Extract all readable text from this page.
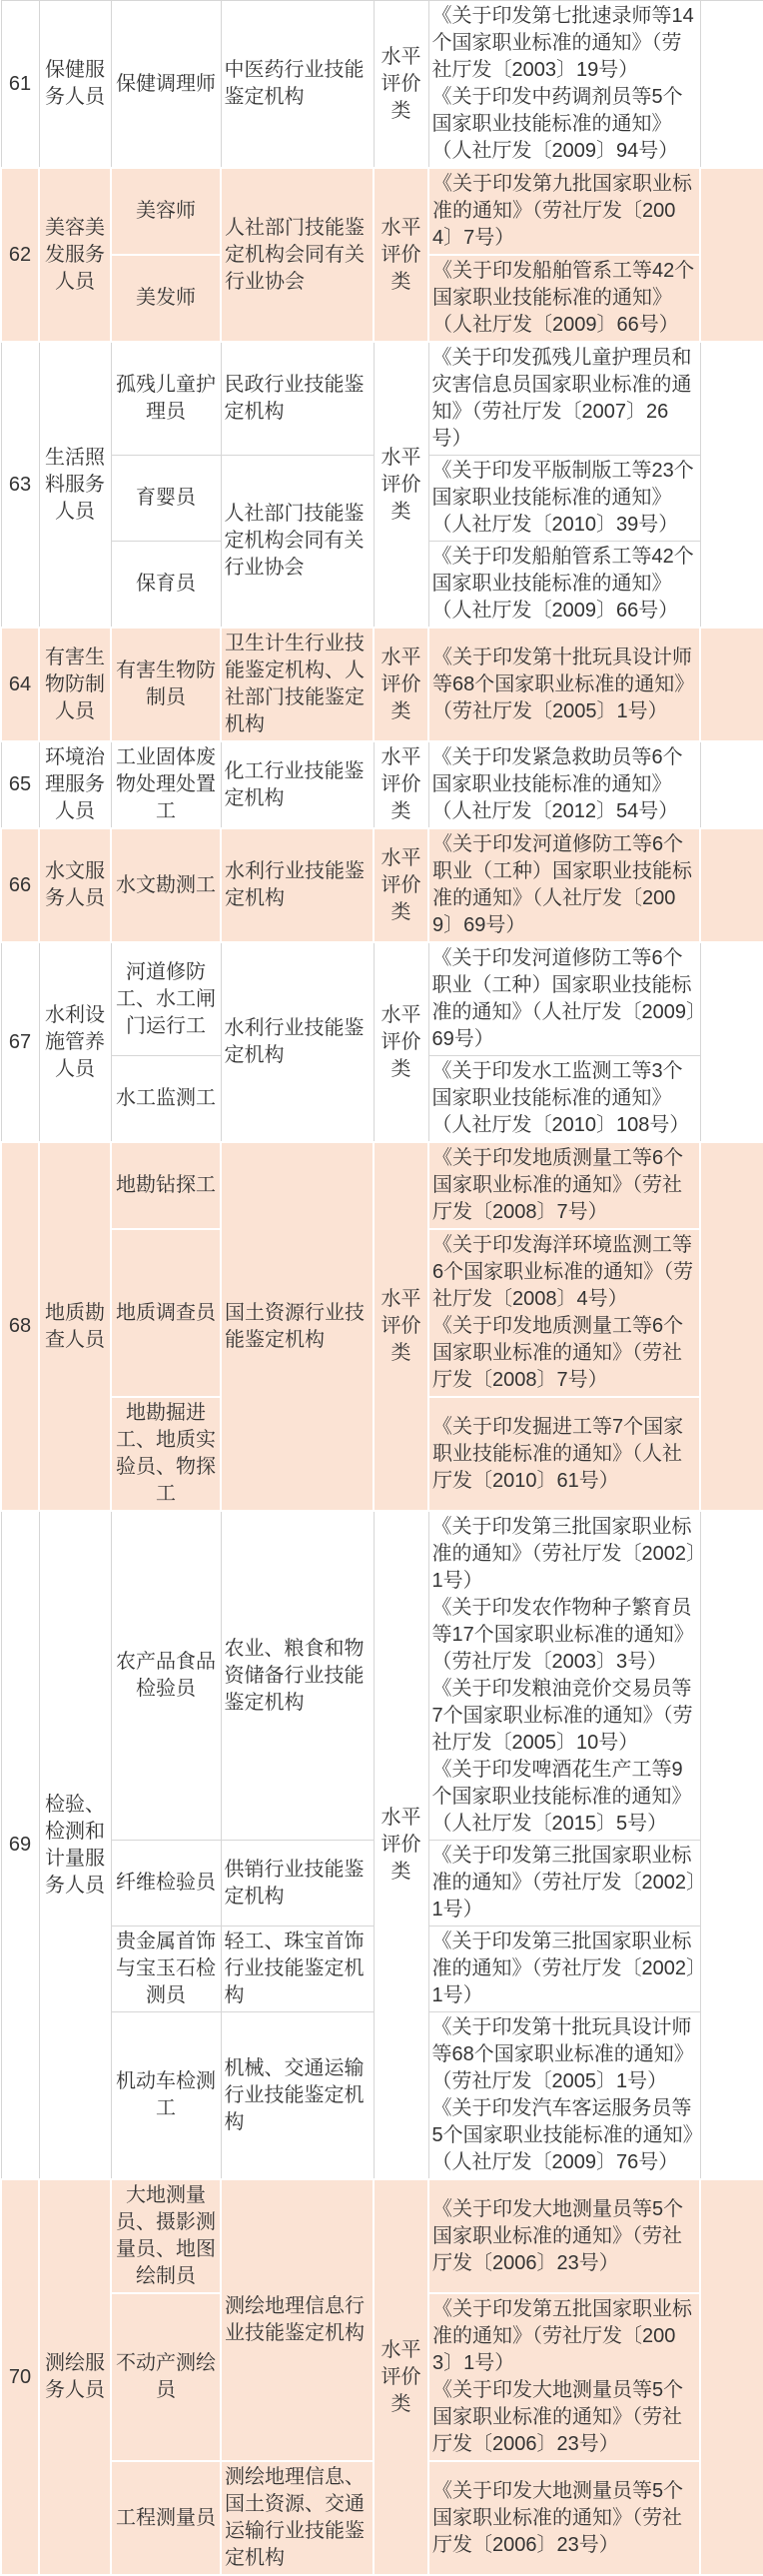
61	保健服务人员	保健调理师	中医药行业技能鉴定机构	水平评价类	《关于印发第七批速录师等14个国家职业标准的通知》（劳社厅发〔2003〕19号）
《关于印发中药调剂员等5个国家职业技能标准的通知》（人社厅发〔2009〕94号）	

62	美容美发服务人员	美容师	人社部门技能鉴定机构会同有关行业协会	水平评价类	《关于印发第九批国家职业标准的通知》（劳社厅发〔2004〕7号）	

		美发师			《关于印发船舶管系工等42个国家职业技能标准的通知》（人社厅发〔2009〕66号）	

63	生活照料服务人员	孤残儿童护理员	民政行业技能鉴定机构	水平评价类	《关于印发孤残儿童护理员和灾害信息员国家职业标准的通知》（劳社厅发〔2007〕26号）	

		育婴员	人社部门技能鉴定机构会同有关行业协会		《关于印发平版制版工等23个国家职业技能标准的通知》（人社厅发〔2010〕39号）	

		保育员			《关于印发船舶管系工等42个国家职业技能标准的通知》（人社厅发〔2009〕66号）	

64	有害生物防制人员	有害生物防制员	卫生计生行业技能鉴定机构、人社部门技能鉴定机构	水平评价类	《关于印发第十批玩具设计师等68个国家职业标准的通知》（劳社厅发〔2005〕1号）	

65	环境治理服务人员	工业固体废物处理处置工	化工行业技能鉴定机构	水平评价类	《关于印发紧急救助员等6个国家职业技能标准的通知》（人社厅发〔2012〕54号）	

66	水文服务人员	水文勘测工	水利行业技能鉴定机构	水平评价类	《关于印发河道修防工等6个职业（工种）国家职业技能标准的通知》（人社厅发〔2009〕69号）	

67	水利设施管养人员	河道修防工、水工闸门运行工	水利行业技能鉴定机构	水平评价类	《关于印发河道修防工等6个职业（工种）国家职业技能标准的通知》（人社厅发〔2009〕69号）	

		水工监测工			《关于印发水工监测工等3个国家职业技能标准的通知》（人社厅发〔2010〕108号）	

68	地质勘查人员	地勘钻探工	国土资源行业技能鉴定机构	水平评价类	《关于印发地质测量工等6个国家职业标准的通知》（劳社厅发〔2008〕7号）	

		地质调查员			《关于印发海洋环境监测工等6个国家职业标准的通知》（劳社厅发〔2008〕4号）
《关于印发地质测量工等6个国家职业标准的通知》（劳社厅发〔2008〕7号）	

		地勘掘进工、地质实验员、物探工			《关于印发掘进工等7个国家职业技能标准的通知》（人社厅发〔2010〕61号）	

69	检验、检测和计量服务人员	农产品食品检验员	农业、粮食和物资储备行业技能鉴定机构	水平评价类	《关于印发第三批国家职业标准的通知》（劳社厅发〔2002〕1号）
《关于印发农作物种子繁育员等17个国家职业标准的通知》（劳社厅发〔2003〕3号）
《关于印发粮油竞价交易员等7个国家职业标准的通知》（劳社厅发〔2005〕10号）
《关于印发啤酒花生产工等9个国家职业技能标准的通知》（人社厅发〔2015〕5号）	

		纤维检验员	供销行业技能鉴定机构		《关于印发第三批国家职业标准的通知》（劳社厅发〔2002〕1号）	

		贵金属首饰与宝玉石检测员	轻工、珠宝首饰行业技能鉴定机构		《关于印发第三批国家职业标准的通知》（劳社厅发〔2002〕1号）	

		机动车检测工	机械、交通运输行业技能鉴定机构		《关于印发第十批玩具设计师等68个国家职业标准的通知》（劳社厅发〔2005〕1号）
《关于印发汽车客运服务员等5个国家职业技能标准的通知》（人社厅发〔2009〕76号）	

70	测绘服务人员	大地测量员、摄影测量员、地图绘制员	测绘地理信息行业技能鉴定机构	水平评价类	《关于印发大地测量员等5个国家职业标准的通知》（劳社厅发〔2006〕23号）	

		不动产测绘员			《关于印发第五批国家职业标准的通知》（劳社厅发〔2003〕1号）
《关于印发大地测量员等5个国家职业标准的通知》（劳社厅发〔2006〕23号）	

		工程测量员	测绘地理信息、国土资源、交通运输行业技能鉴定机构		《关于印发大地测量员等5个国家职业标准的通知》（劳社厅发〔2006〕23号）	
